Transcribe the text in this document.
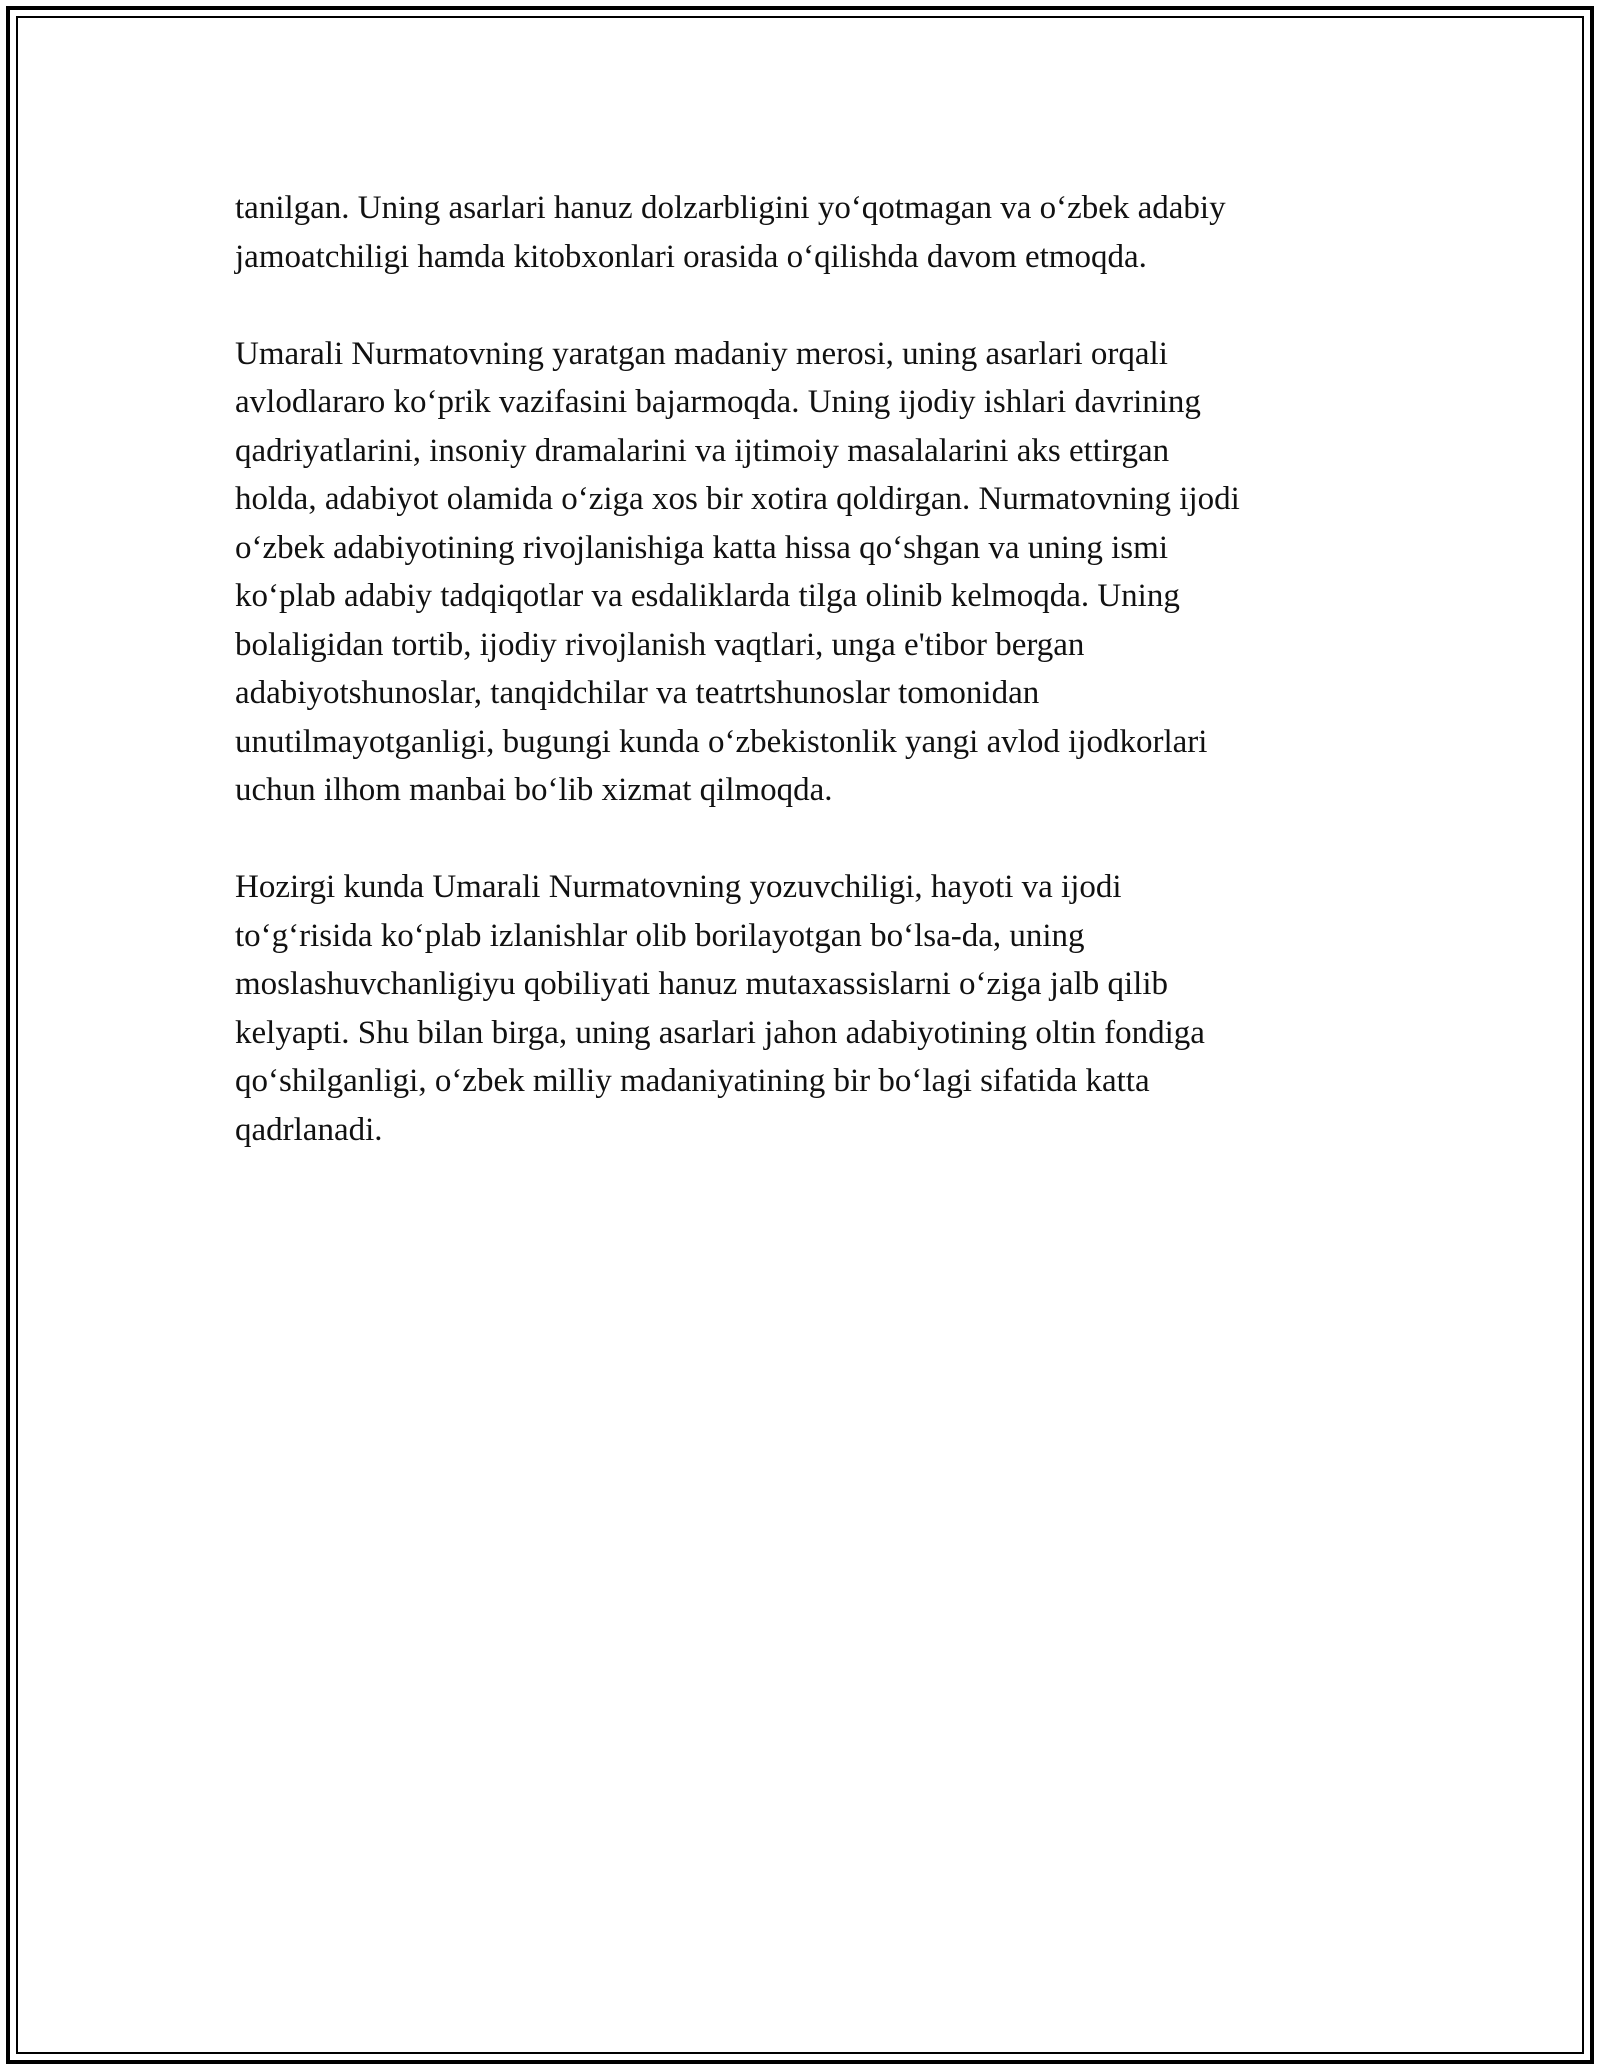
tanilgan. Uning asarlari hanuz dolzarbligini yo‘qotmagan va o‘zbek adabiy
jamoatchiligi hamda kitobxonlari orasida o‘qilishda davom etmoqda.

Umarali Nurmatovning yaratgan madaniy merosi, uning asarlari orqali
avlodlararo ko‘prik vazifasini bajarmoqda. Uning ijodiy ishlari davrining
qadriyatlarini, insoniy dramalarini va ijtimoiy masalalarini aks ettirgan
holda, adabiyot olamida o‘ziga xos bir xotira qoldirgan. Nurmatovning ijodi
o‘zbek adabiyotining rivojlanishiga katta hissa qo‘shgan va uning ismi
ko‘plab adabiy tadqiqotlar va esdaliklarda tilga olinib kelmoqda. Uning
bolaligidan tortib, ijodiy rivojlanish vaqtlari, unga e'tibor bergan
adabiyotshunoslar, tanqidchilar va teatrtshunoslar tomonidan
unutilmayotganligi, bugungi kunda o‘zbekistonlik yangi avlod ijodkorlari
uchun ilhom manbai bo‘lib xizmat qilmoqda.

Hozirgi kunda Umarali Nurmatovning yozuvchiligi, hayoti va ijodi
to‘g‘risida ko‘plab izlanishlar olib borilayotgan bo‘lsa-da, uning
moslashuvchanligiyu qobiliyati hanuz mutaxassislarni o‘ziga jalb qilib
kelyapti. Shu bilan birga, uning asarlari jahon adabiyotining oltin fondiga
qo‘shilganligi, o‘zbek milliy madaniyatining bir bo‘lagi sifatida katta
qadrlanadi.
